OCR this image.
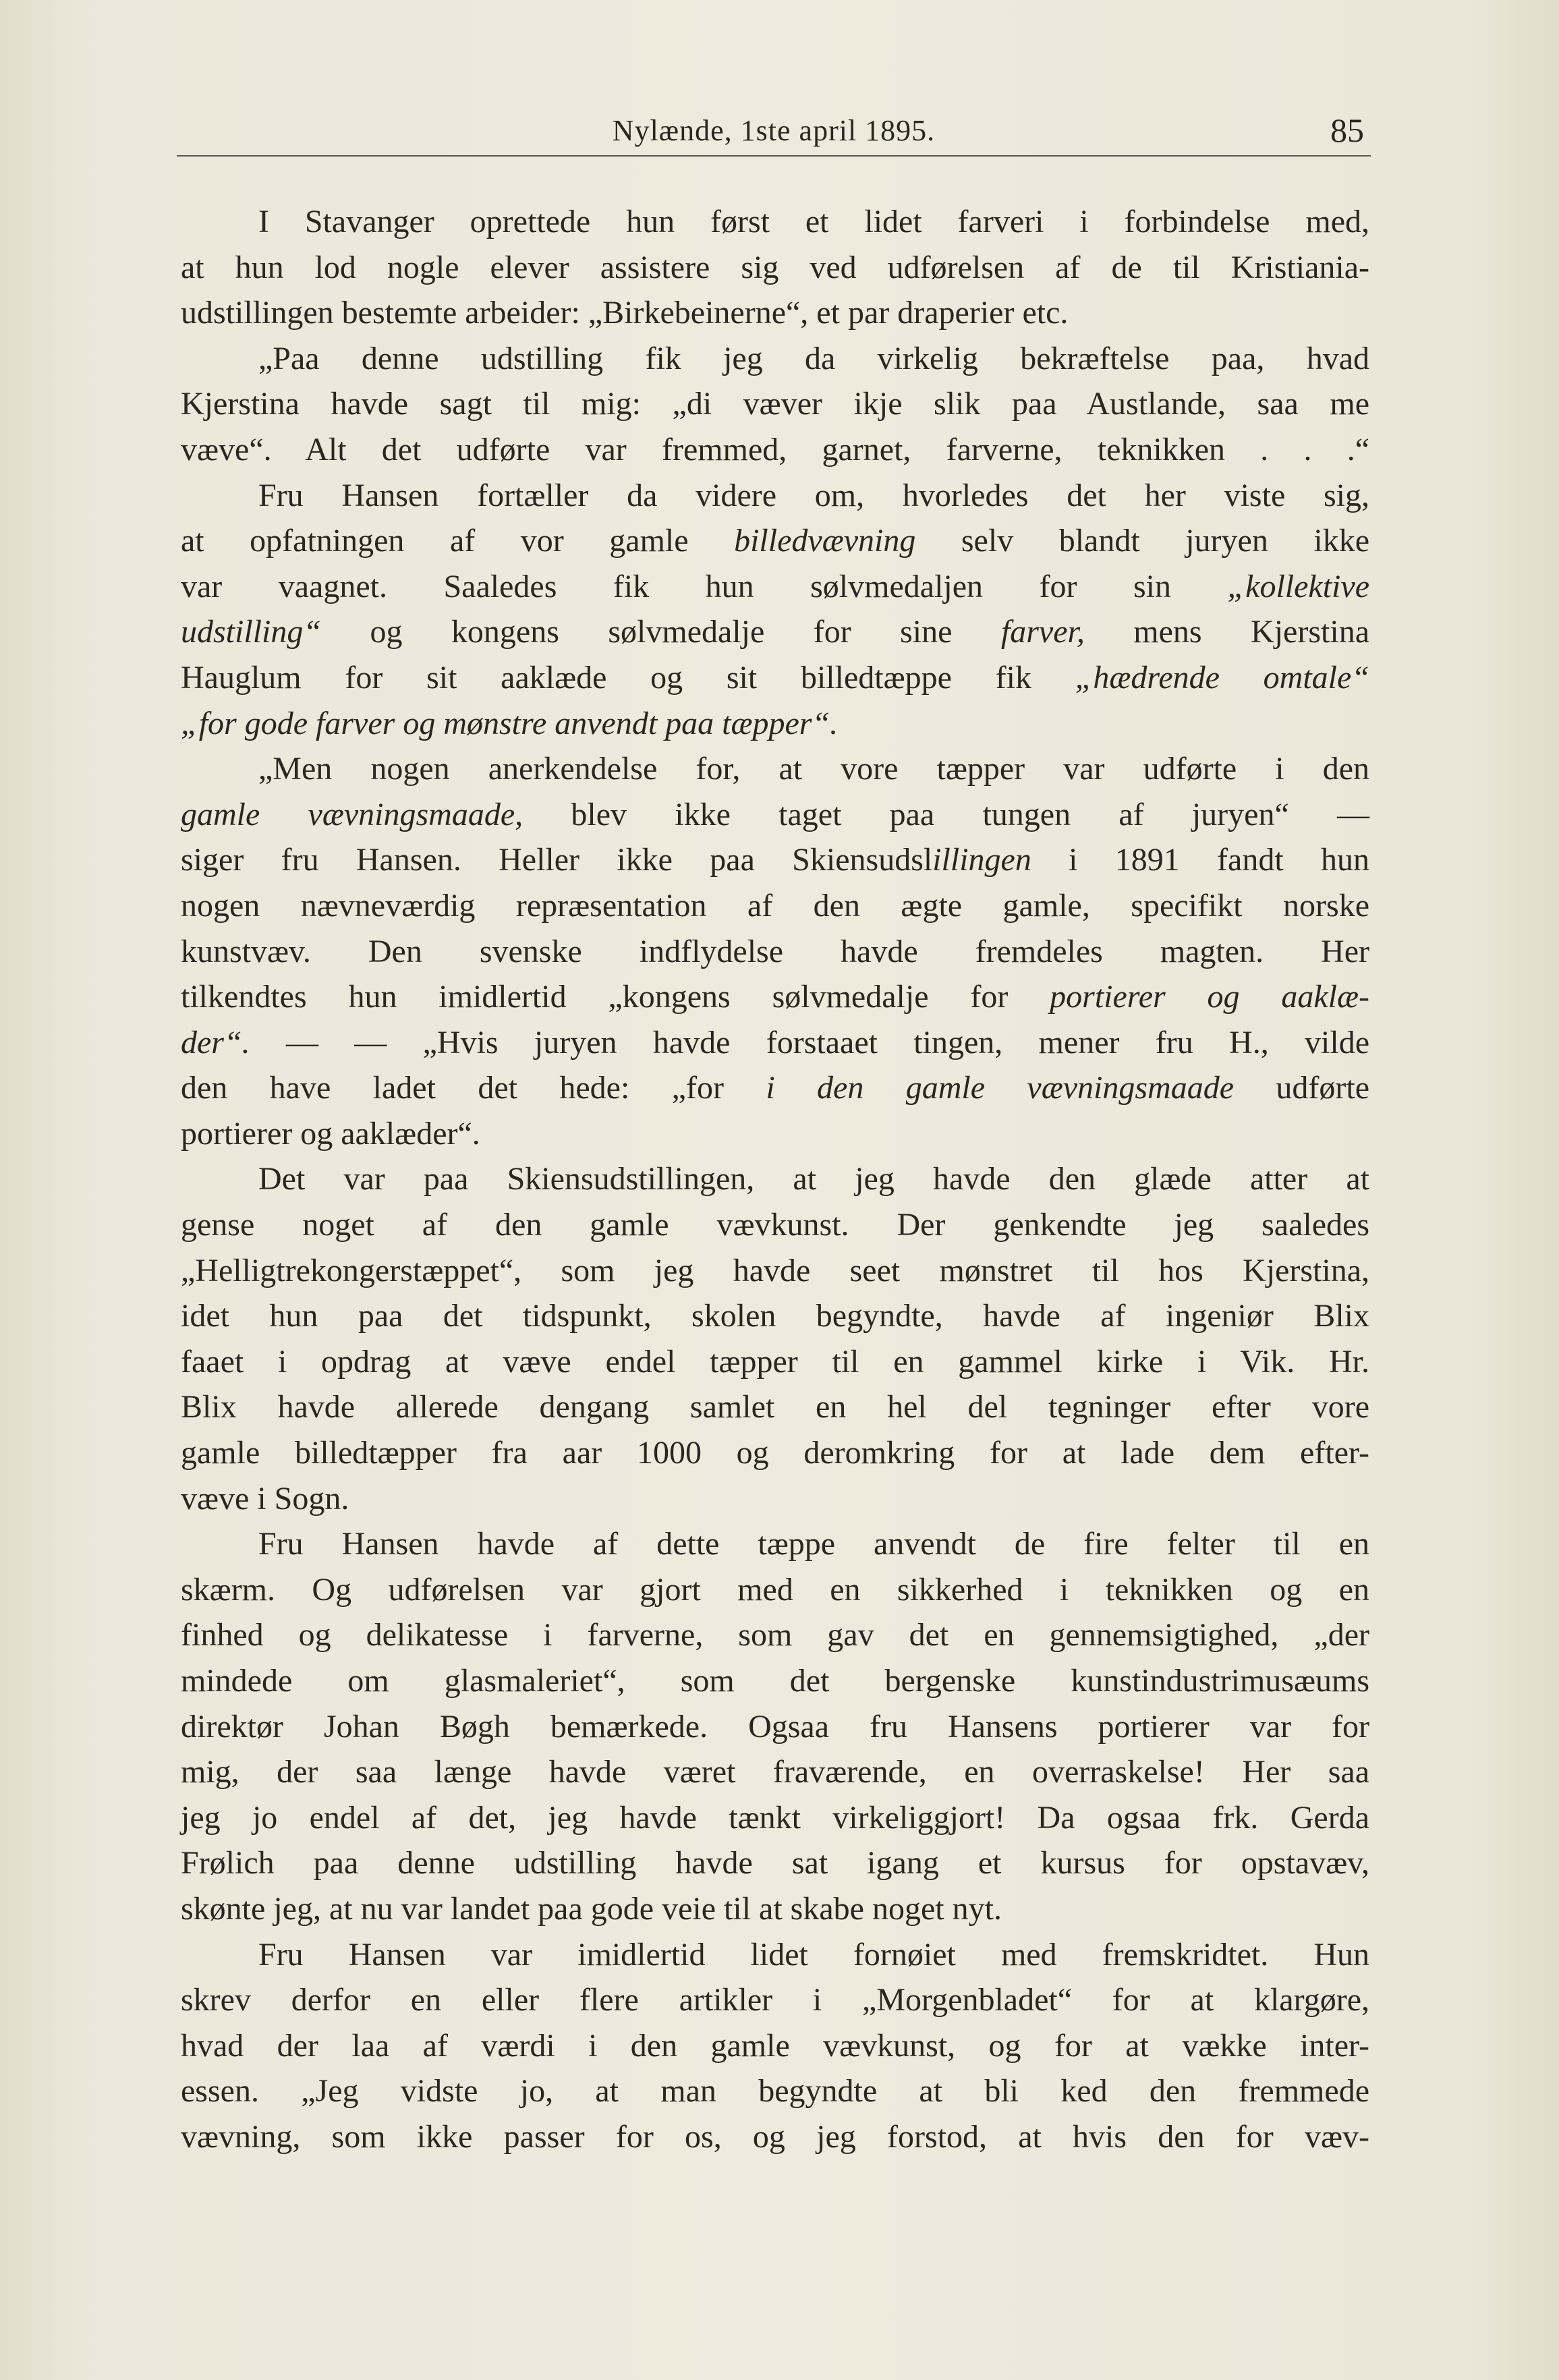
Nylænde, 1ste april 1895.	85
I Stavanger oprettede hun først et lidet farveri i forbindelse med,
at hun lod nogle elever assistere sig ved udførelsen af de til Kristiania-
udstillingen bestemte arbeider: „Birkebeinerne“, et par draperier etc.
„Paa denne udstilling fik jeg da virkelig bekræftelse paa, hvad
Kjerstina havde sagt til mig: „di væver ikje slik paa Austlande, saa me
væve“. Alt det udførte var fremmed, garnet, farverne, teknikken . . .“
Fru Hansen fortæller da videre om, hvorledes det her viste sig,
at opfatningen af vor gamle billedvævning selv blandt juryen ikke
var vaagnet. Saaledes fik hun sølvmedaljen for sin „kollektive
udstilling“ og kongens sølvmedalje for sine farver, mens Kjerstina
Hauglum for sit aaklæde og sit billedtæppe fik „hædrende omtale“
„for gode farver og mønstre anvendt paa tæpper“.
„Men nogen anerkendelse for, at vore tæpper var udførte i den
gamle vævningsmaade, blev ikke taget paa tungen af juryen“ —
siger fru Hansen. Heller ikke paa Skiensudslillingen i 1891 fandt hun
nogen nævneværdig repræsentation af den ægte gamle, specifikt norske
kunstvæv. Den svenske indflydelse havde fremdeles magten. Her
tilkendtes hun imidlertid „kongens sølvmedalje for portierer og aaklæ-
der“. — — „Hvis juryen havde forstaaet tingen, mener fru H., vilde
den have ladet det hede: „for i den gamle vævningsmaade udførte
portierer og aaklæder“.
Det var paa Skiensudstillingen, at jeg havde den glæde atter at
gense noget af den gamle vævkunst. Der genkendte jeg saaledes
„Helligtrekongerstæppet“, som jeg havde seet mønstret til hos Kjerstina,
idet hun paa det tidspunkt, skolen begyndte, havde af ingeniør Blix
faaet i opdrag at væve endel tæpper til en gammel kirke i Vik. Hr.
Blix havde allerede dengang samlet en hel del tegninger efter vore
gamle billedtæpper fra aar 1000 og deromkring for at lade dem efter-
væve i Sogn.
Fru Hansen havde af dette tæppe anvendt de fire felter til en
skærm. Og udførelsen var gjort med en sikkerhed i teknikken og en
finhed og delikatesse i farverne, som gav det en gennemsigtighed, „der
mindede om glasmaleriet“, som det bergenske kunstindustrimusæums
direktør Johan Bøgh bemærkede. Ogsaa fru Hansens portierer var for
mig, der saa længe havde været fraværende, en overraskelse! Her saa
jeg jo endel af det, jeg havde tænkt virkeliggjort! Da ogsaa frk. Gerda
Frølich paa denne udstilling havde sat igang et kursus for opstavæv,
skønte jeg, at nu var landet paa gode veie til at skabe noget nyt.
Fru Hansen var imidlertid lidet fornøiet med fremskridtet. Hun
skrev derfor en eller flere artikler i „Morgenbladet“ for at klargøre,
hvad der laa af værdi i den gamle vævkunst, og for at vække inter-
essen. „Jeg vidste jo, at man begyndte at bli ked den fremmede
vævning, som ikke passer for os, og jeg forstod, at hvis den for væv-
